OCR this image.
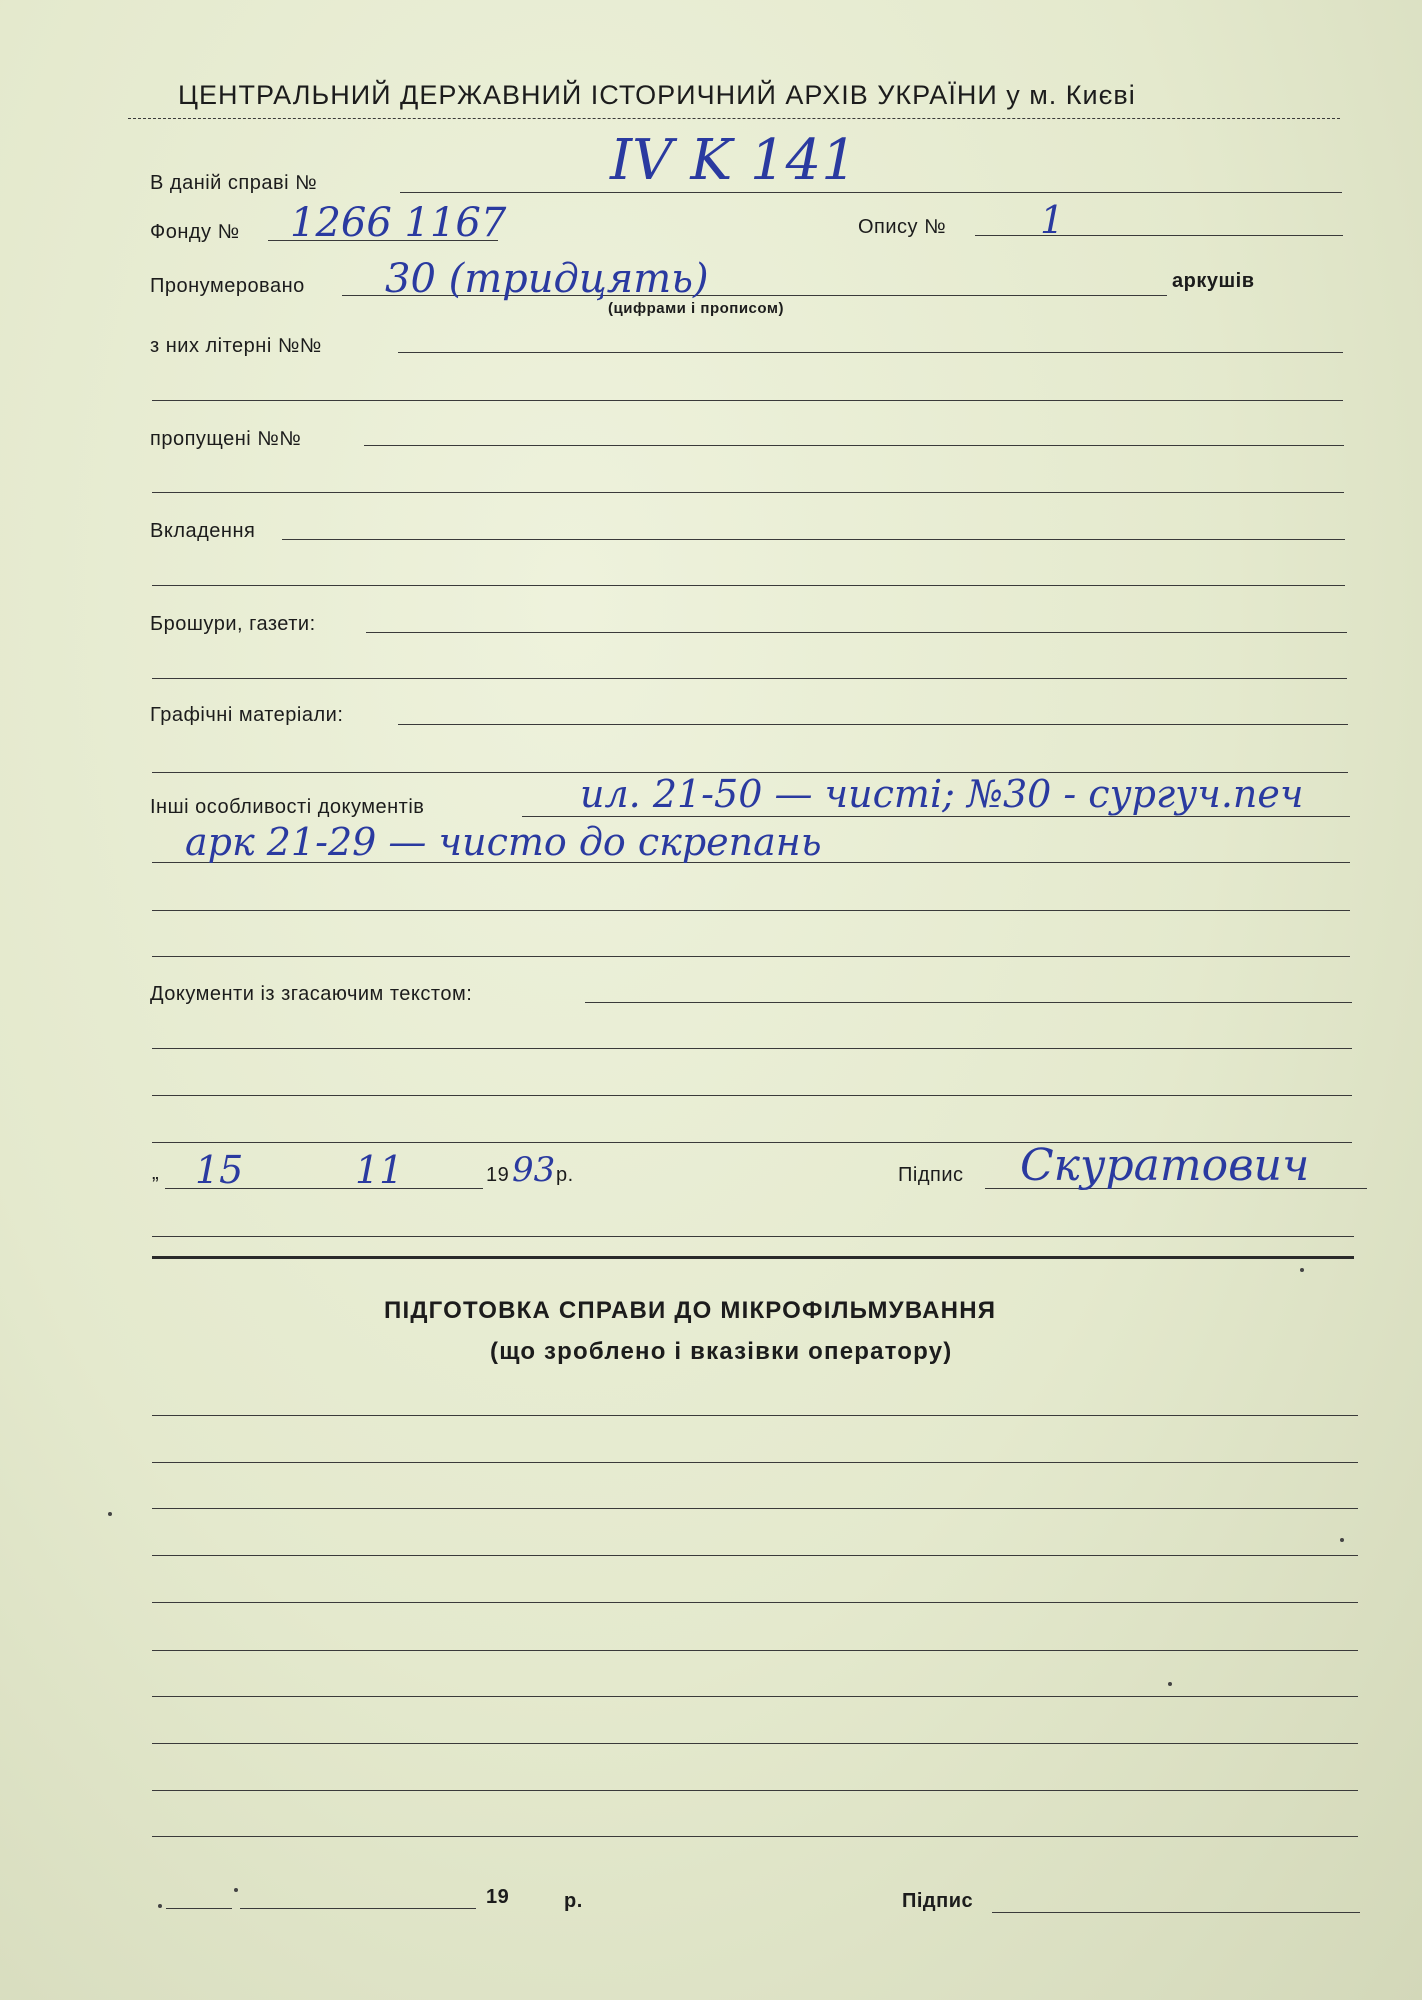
ЦЕНТРАЛЬНИЙ ДЕРЖАВНИЙ ІСТОРИЧНИЙ АРХІВ УКРАЇНИ у м. Києві
В даній справі №	IV K 141
Фонду № 1266 1167	Опису № 1
Пронумеровано 30 (тридцять)	аркушів
(цифрами і прописом)
з них літерні №№
пропущені №№
Вкладення
Брошури, газети:
Графічні матеріали:
Інші особливості документів	ил. 21-50 — чисті; №30 - сургуч.печ
арк 21-29 — чисто до скрепань
Документи із згасаючим текстом:
„ 15	11	19 93 р.	Підпис Скуратович
ПІДГОТОВКА СПРАВИ ДО МІКРОФІЛЬМУВАННЯ
(що зроблено і вказівки оператору)
19	р.	Підпис
